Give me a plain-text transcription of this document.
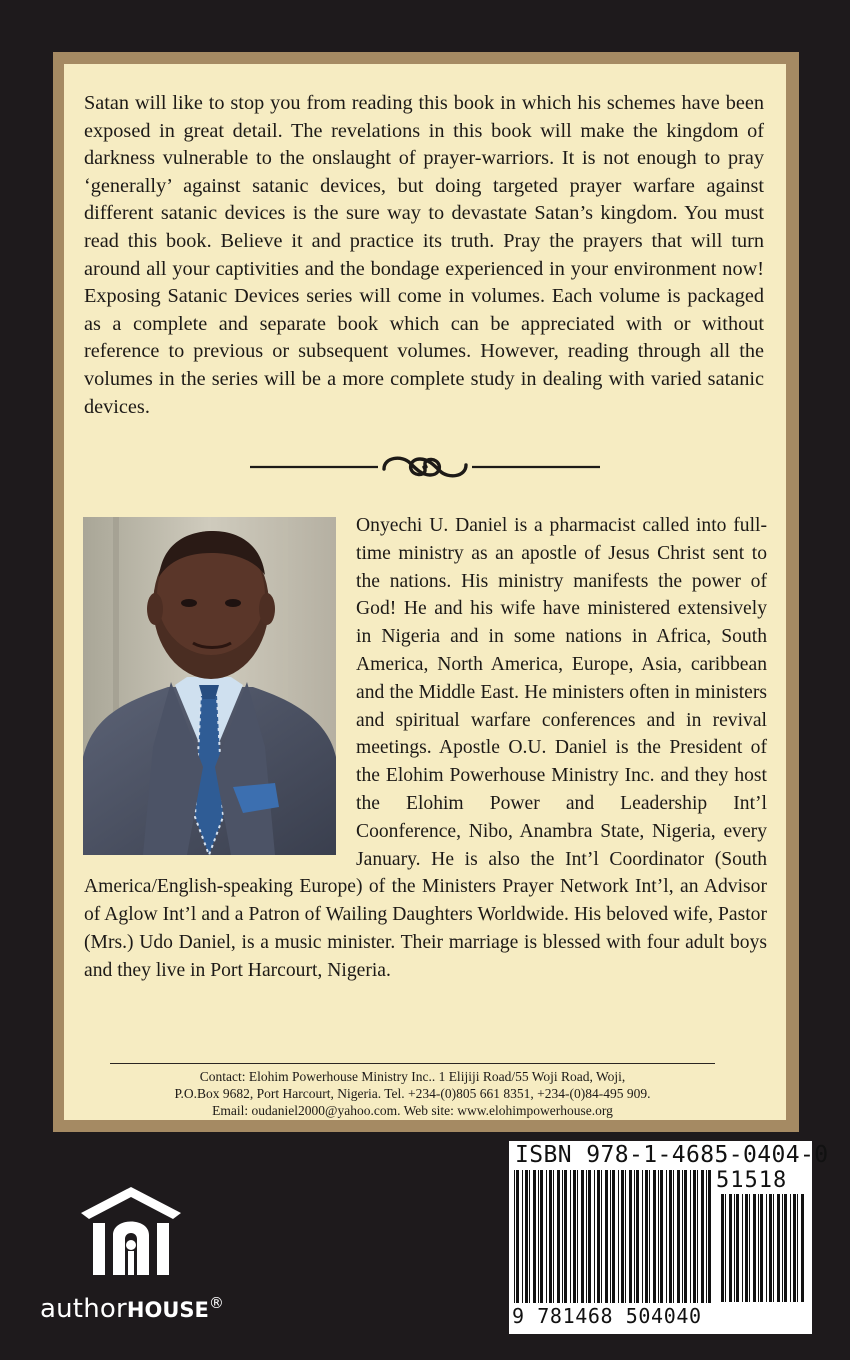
Satan will like to stop you from reading this book in which his schemes have been exposed in great detail. The revelations in this book will make the kingdom of darkness vulnerable to the onslaught of prayer-warriors. It is not enough to pray ‘generally’ against satanic devices, but doing targeted prayer warfare against different satanic devices is the sure way to devastate Satan’s kingdom. You must read this book. Believe it and practice its truth. Pray the prayers that will turn around all your captivities and the bondage experienced in your environment now! Exposing Satanic Devices series will come in volumes. Each volume is packaged as a complete and separate book which can be appreciated with or without reference to previous or subsequent volumes. However, reading through all the volumes in the series will be a more complete study in dealing with varied satanic devices.

Onyechi U. Daniel is a pharmacist called into full-time ministry as an apostle of Jesus Christ sent to the nations. His ministry manifests the power of God! He and his wife have ministered extensively in Nigeria and in some nations in Africa, South America, North America, Europe, Asia, caribbean and the Middle East. He ministers often in ministers and spiritual warfare conferences and in revival meetings. Apostle O.U. Daniel is the President of the Elohim Powerhouse Ministry Inc. and they host the Elohim Power and Leadership Int’l Coonference, Nibo, Anambra State, Nigeria, every January. He is also the Int’l Coordinator (South America/English-speaking Europe) of the Ministers Prayer Network Int’l, an Advisor of Aglow Int’l and a Patron of Wailing Daughters Worldwide. His beloved wife, Pastor (Mrs.) Udo Daniel, is a music minister. Their marriage is blessed with four adult boys and they live in Port Harcourt, Nigeria.

Contact: Elohim Powerhouse Ministry Inc.. 1 Elijiji Road/55 Woji Road, Woji,
P.O.Box 9682, Port Harcourt, Nigeria. Tel. +234-(0)805 661 8351, +234-(0)84-495 909.
Email: oudaniel2000@yahoo.com. Web site: www.elohimpowerhouse.org
ISBN 978-1-4685-0404-0
51518
9 781468 504040
authorHOUSE®
